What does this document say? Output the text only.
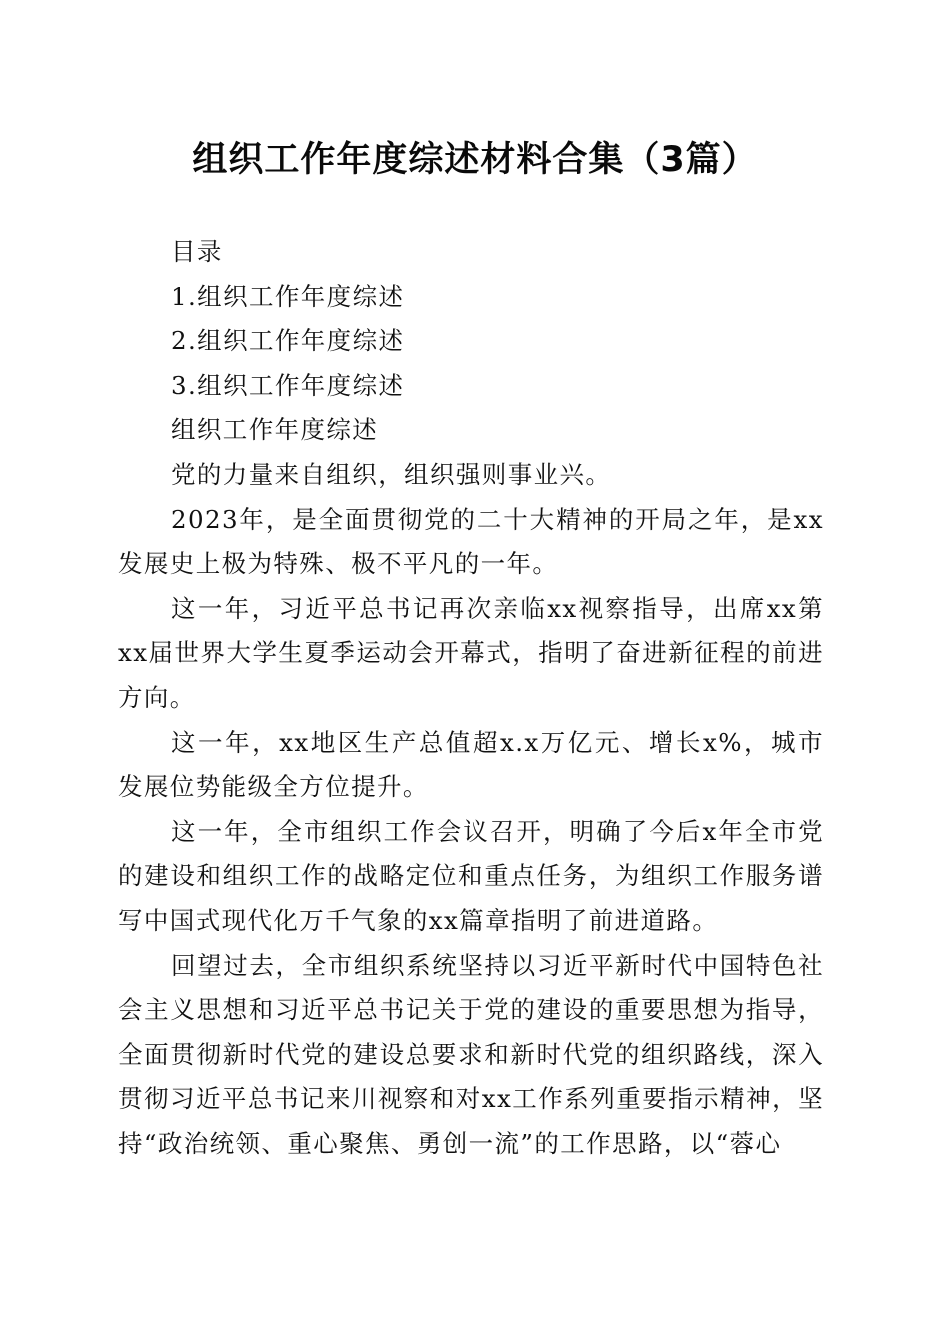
组织工作年度综述材料合集（3篇）

目录

1.组织工作年度综述

2.组织工作年度综述

3.组织工作年度综述

组织工作年度综述

党的力量来自组织，组织强则事业兴。

2023年，是全面贯彻党的二十大精神的开局之年，是xx发展史上极为特殊、极不平凡的一年。

这一年，习近平总书记再次亲临xx视察指导，出席xx第xx届世界大学生夏季运动会开幕式，指明了奋进新征程的前进方向。

这一年，xx地区生产总值超x.x万亿元、增长x%，城市发展位势能级全方位提升。

这一年，全市组织工作会议召开，明确了今后x年全市党的建设和组织工作的战略定位和重点任务，为组织工作服务谱写中国式现代化万千气象的xx篇章指明了前进道路。

回望过去，全市组织系统坚持以习近平新时代中国特色社会主义思想和习近平总书记关于党的建设的重要思想为指导，全面贯彻新时代党的建设总要求和新时代党的组织路线，深入贯彻习近平总书记来川视察和对xx工作系列重要指示精神，坚持“政治统领、重心聚焦、勇创一流”的工作思路，以“蓉心
